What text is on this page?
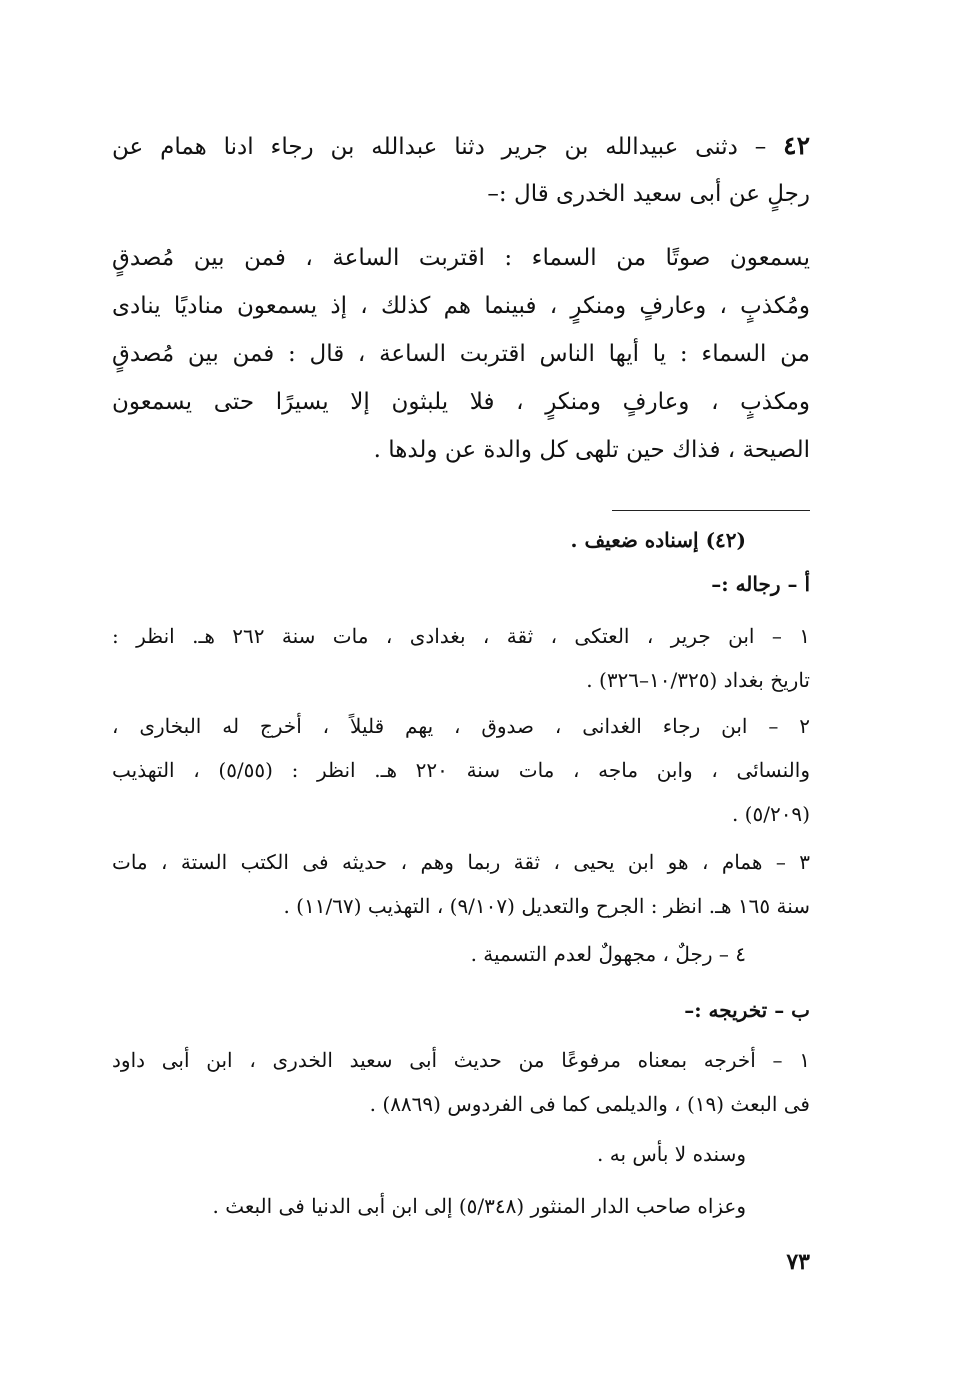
٤٢ – دثنى عبيدالله بن جرير دثنا عبدالله بن رجاء ادنا همام عن
رجلٍ عن أبى سعيد الخدرى قال :–
يسمعون صوتًا من السماء : اقتربت الساعة ، فمن بين مُصدقٍ
ومُكذبٍ ، وعارفٍ ومنكرٍ ، فبينما هم كذلك ، إذ يسمعون مناديًا ينادى
من السماء : يا أيها الناس اقتربت الساعة ، قال : فمن بين مُصدقٍ
ومكذبٍ ، وعارفٍ ومنكرٍ ، فلا يلبثون إلا يسيرًا حتى يسمعون
الصيحة ، فذاك حين تلهى كل والدة عن ولدها .
(٤٢) إسناده ضعيف .
أ – رجاله :–
١ – ابن جرير ، العتكى ، ثقة ، بغدادى ، مات سنة ٢٦٢ هـ. انظر :
تاريخ بغداد (١٠/٣٢٥–٣٢٦) .
٢ – ابن رجاء الغدانى ، صدوق ، يهم قليلاً ، أخرج له البخارى ،
والنسائى ، وابن ماجه ، مات سنة ٢٢٠ هـ. انظر : (٥/٥٥) ، التهذيب
(٥/٢٠٩) .
٣ – همام ، هو ابن يحيى ، ثقة ربما وهم ، حديثه فى الكتب الستة ، مات
سنة ١٦٥ هـ. انظر : الجرح والتعديل (٩/١٠٧) ، التهذيب (١١/٦٧) .
٤ – رجلٌ ، مجهولٌ لعدم التسمية .
ب – تخريجه :–
١ – أخرجه بمعناه مرفوعًا من حديث أبى سعيد الخدرى ، ابن أبى داود
فى البعث (١٩) ، والديلمى كما فى الفردوس (٨٨٦٩) .
وسنده لا بأس به .
وعزاه صاحب الدار المنثور (٥/٣٤٨) إلى ابن أبى الدنيا فى البعث .
٧٣
